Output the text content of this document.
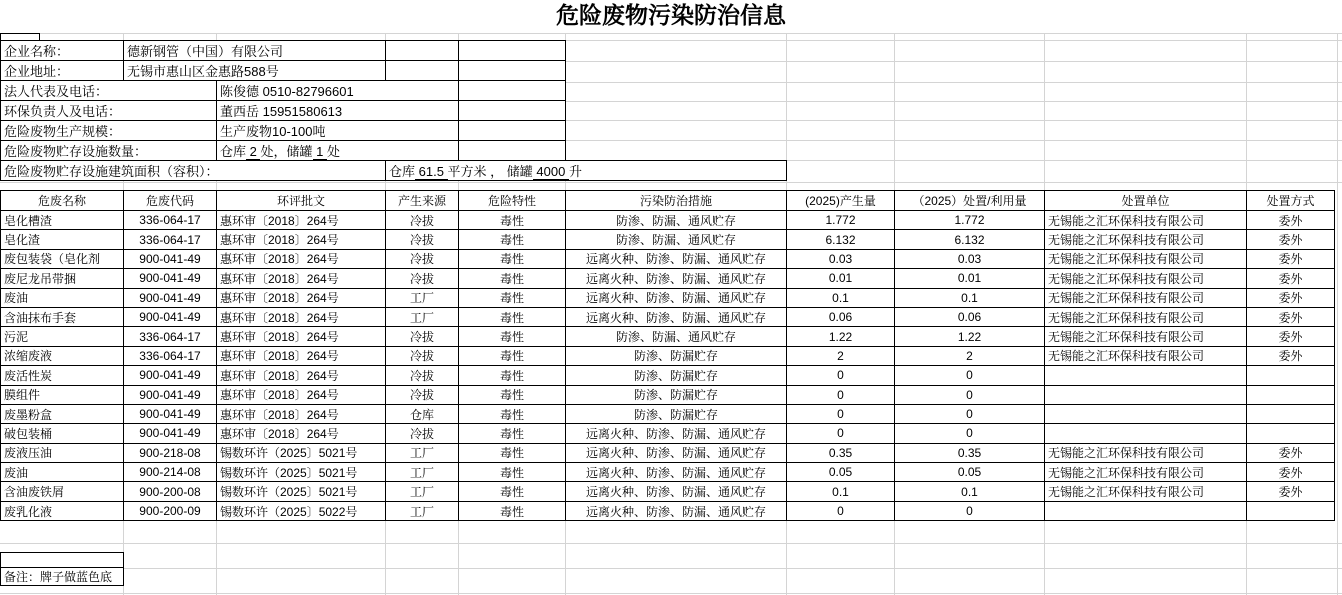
危险废物污染防治信息
企业名称：	德新钢管（中国）有限公司			
企业地址：	无锡市惠山区金惠路588号			
法人代表及电话：		陈俊德 0510-82796601		
环保负责人及电话：		董西岳 15951580613		
危险废物生产规模：		生产废物10-100吨		
危险废物贮存设施数量：		仓库 2 处，储罐 1 处		
危险废物贮存设施建筑面积（容积）：	仓库 61.5 平方米 ， 储罐 4000 升
危废名称	危废代码	环评批文	产生来源	危险特性	污染防治措施	(2025)产生量	（2025）处置/利用量	处置单位	处置方式
皂化槽渣	336-064-17	惠环审〔2018〕264号	冷拔	毒性	防渗、防漏、通风贮存	1.772	1.772	无锡能之汇环保科技有限公司	委外
皂化渣	336-064-17	惠环审〔2018〕264号	冷拔	毒性	防渗、防漏、通风贮存	6.132	6.132	无锡能之汇环保科技有限公司	委外
废包装袋（皂化剂	900-041-49	惠环审〔2018〕264号	冷拔	毒性	远离火种、防渗、防漏、通风贮存	0.03	0.03	无锡能之汇环保科技有限公司	委外
废尼龙吊带捆	900-041-49	惠环审〔2018〕264号	冷拔	毒性	远离火种、防渗、防漏、通风贮存	0.01	0.01	无锡能之汇环保科技有限公司	委外
废油	900-041-49	惠环审〔2018〕264号	工厂	毒性	远离火种、防渗、防漏、通风贮存	0.1	0.1	无锡能之汇环保科技有限公司	委外
含油抹布手套	900-041-49	惠环审〔2018〕264号	工厂	毒性	远离火种、防渗、防漏、通风贮存	0.06	0.06	无锡能之汇环保科技有限公司	委外
污泥	336-064-17	惠环审〔2018〕264号	冷拔	毒性	防渗、防漏、通风贮存	1.22	1.22	无锡能之汇环保科技有限公司	委外
浓缩废液	336-064-17	惠环审〔2018〕264号	冷拔	毒性	防渗、防漏贮存	2	2	无锡能之汇环保科技有限公司	委外
废活性炭	900-041-49	惠环审〔2018〕264号	冷拔	毒性	防渗、防漏贮存	0	0		
膜组件	900-041-49	惠环审〔2018〕264号	冷拔	毒性	防渗、防漏贮存	0	0		
废墨粉盒	900-041-49	惠环审〔2018〕264号	仓库	毒性	防渗、防漏贮存	0	0		
破包装桶	900-041-49	惠环审〔2018〕264号	冷拔	毒性	远离火种、防渗、防漏、通风贮存	0	0		
废液压油	900-218-08	锡数环许（2025〕5021号	工厂	毒性	远离火种、防渗、防漏、通风贮存	0.35	0.35	无锡能之汇环保科技有限公司	委外
废油	900-214-08	锡数环许（2025〕5021号	工厂	毒性	远离火种、防渗、防漏、通风贮存	0.05	0.05	无锡能之汇环保科技有限公司	委外
含油废铁屑	900-200-08	锡数环许（2025〕5021号	工厂	毒性	远离火种、防渗、防漏、通风贮存	0.1	0.1	无锡能之汇环保科技有限公司	委外
废乳化液	900-200-09	锡数环许（2025〕5022号	工厂	毒性	远离火种、防渗、防漏、通风贮存	0	0		

备注：牌子做蓝色底
